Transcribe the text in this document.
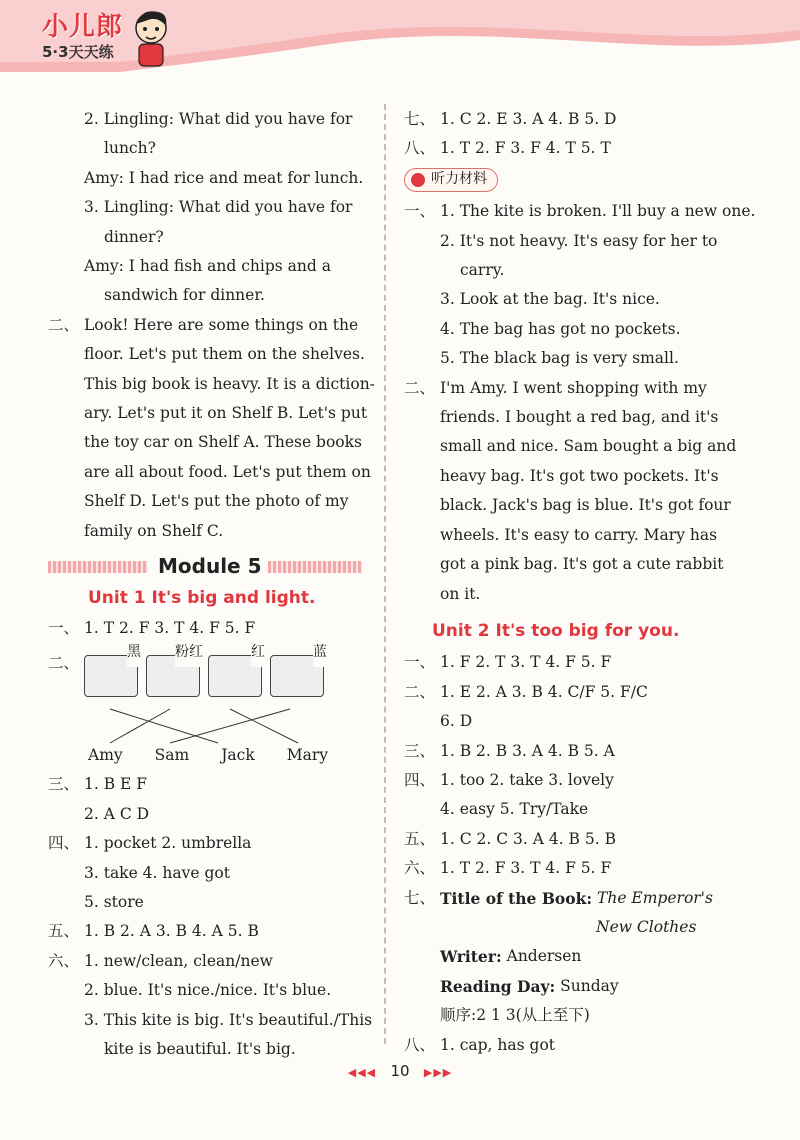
小儿郎
5·3天天练
2. Lingling: What did you have for
lunch?
Amy: I had rice and meat for lunch.
3. Lingling: What did you have for
dinner?
Amy: I had fish and chips and a
sandwich for dinner.
二、 Look! Here are some things on the
floor. Let's put them on the shelves.
This big book is heavy. It is a diction-
ary. Let's put it on Shelf B. Let's put
the toy car on Shelf A. These books
are all about food. Let's put them on
Shelf D. Let's put the photo of my
family on Shelf C.
Module 5
Unit 1 It's big and light.
一、 1. T 2. F 3. T 4. F 5. F
二、
黑 粉红	红	蓝
Amy Sam Jack Mary
三、 1. B E F
2. A C D
四、 1. pocket 2. umbrella
3. take 4. have got
5. store
五、 1. B 2. A 3. B 4. A 5. B
六、 1. new/clean, clean/new
2. blue. It's nice./nice. It's blue.
3. This kite is big. It's beautiful./This
kite is beautiful. It's big.
七、 1. C 2. E 3. A 4. B 5. D
八、 1. T 2. F 3. F 4. T 5. T
听力材料
一、 1. The kite is broken. I'll buy a new one.
2. It's not heavy. It's easy for her to
carry.
3. Look at the bag. It's nice.
4. The bag has got no pockets.
5. The black bag is very small.
二、 I'm Amy. I went shopping with my
friends. I bought a red bag, and it's
small and nice. Sam bought a big and
heavy bag. It's got two pockets. It's
black. Jack's bag is blue. It's got four
wheels. It's easy to carry. Mary has
got a pink bag. It's got a cute rabbit
on it.
Unit 2 It's too big for you.
一、 1. F 2. T 3. T 4. F 5. F
二、 1. E 2. A 3. B 4. C/F 5. F/C
6. D
三、 1. B 2. B 3. A 4. B 5. A
四、 1. too 2. take 3. lovely
4. easy 5. Try/Take
五、 1. C 2. C 3. A 4. B 5. B
六、 1. T 2. F 3. T 4. F 5. F
七、 Title of the Book:
The Emperor's
New Clothes
Writer:
Andersen
Reading Day:
Sunday
顺序:2 1 3(从上至下)
八、 1. cap, has got
◀◀◀ 10 ▶▶▶
